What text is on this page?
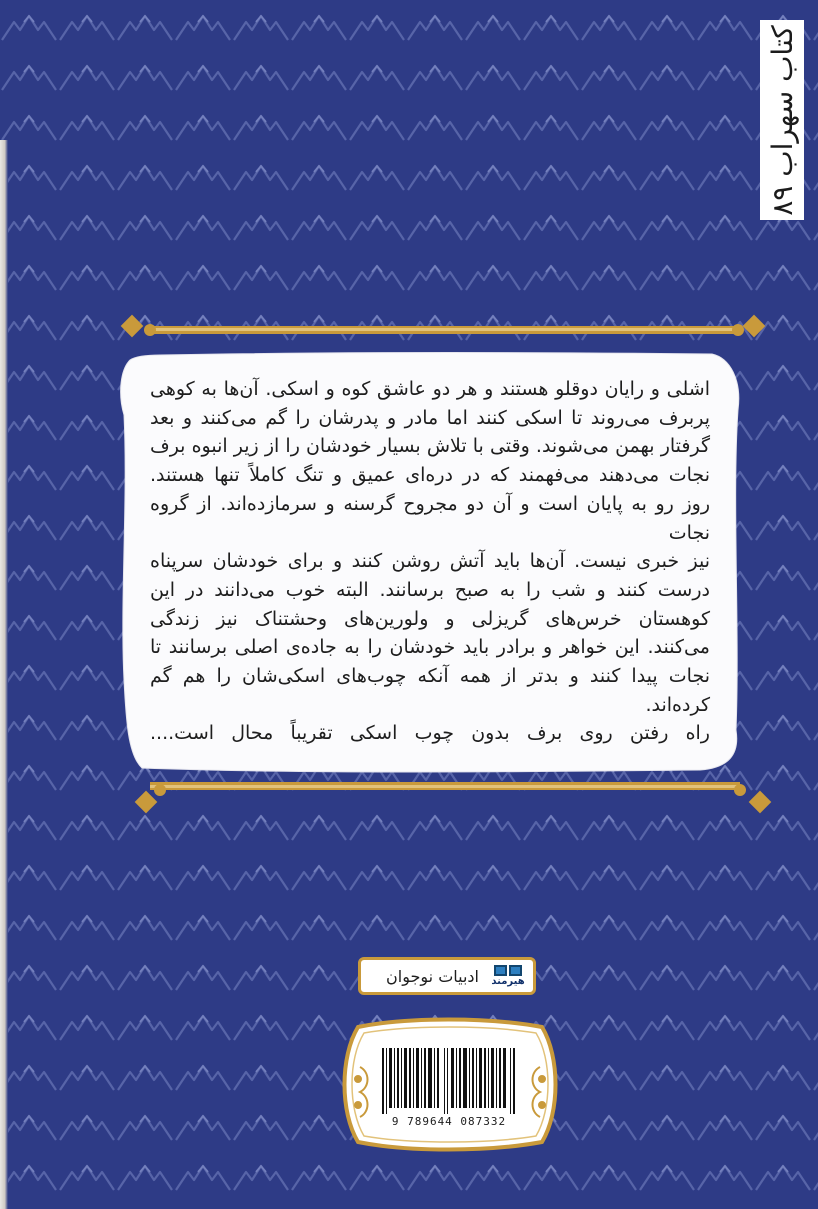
کتاب سهراب ۸۹

اشلی و رایان دوقلو هستند و هر دو عاشق کوه و اسکی. آن‌ها به کوهی

پربرف می‌روند تا اسکی کنند اما مادر و پدرشان را گم می‌کنند و بعد

گرفتار بهمن می‌شوند. وقتی با تلاش بسیار خودشان را از زیر انبوه برف

نجات می‌دهند می‌فهمند که در دره‌ای عمیق و تنگ کاملاً تنها هستند.

روز رو به پایان است و آن دو مجروح گرسنه و سرمازده‌اند. از گروه نجات

نیز خبری نیست. آن‌ها باید آتش روشن کنند و برای خودشان سرپناه

درست کنند و شب را به صبح برسانند. البته خوب می‌دانند در این

کوهستان خرس‌های گریزلی و ولورین‌های وحشتناک نیز زندگی

می‌کنند. این خواهر و برادر باید خودشان را به جاده‌ی اصلی برسانند تا

نجات پیدا کنند و بدتر از همه آنکه چوب‌های اسکی‌شان را هم گم کرده‌اند.

راه رفتن روی برف بدون چوب اسکی تقریباً محال است....

هیرمند
ادبیات نوجوان
9 789644 087332
